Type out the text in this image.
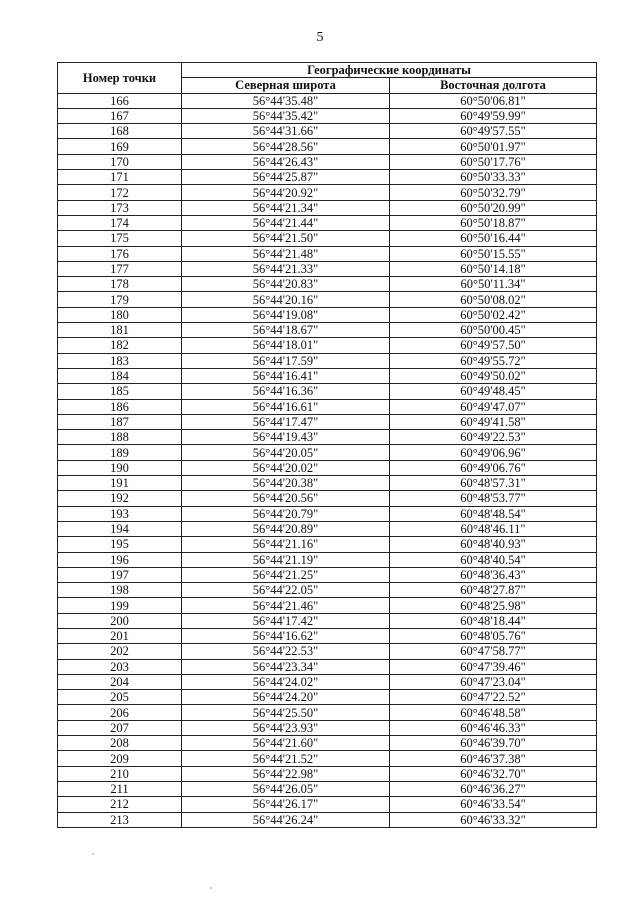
5
Номер точки	Географические координаты	
	Северная широта	Восточная долгота
166	56°44'35.48"	60°50'06.81"
167	56°44'35.42"	60°49'59.99"
168	56°44'31.66"	60°49'57.55"
169	56°44'28.56"	60°50'01.97"
170	56°44'26.43"	60°50'17.76"
171	56°44'25.87"	60°50'33.33"
172	56°44'20.92"	60°50'32.79"
173	56°44'21.34"	60°50'20.99"
174	56°44'21.44"	60°50'18.87"
175	56°44'21.50"	60°50'16.44"
176	56°44'21.48"	60°50'15.55"
177	56°44'21.33"	60°50'14.18"
178	56°44'20.83"	60°50'11.34"
179	56°44'20.16"	60°50'08.02"
180	56°44'19.08"	60°50'02.42"
181	56°44'18.67"	60°50'00.45"
182	56°44'18.01"	60°49'57.50"
183	56°44'17.59"	60°49'55.72"
184	56°44'16.41"	60°49'50.02"
185	56°44'16.36"	60°49'48.45"
186	56°44'16.61"	60°49'47.07"
187	56°44'17.47"	60°49'41.58"
188	56°44'19.43"	60°49'22.53"
189	56°44'20.05"	60°49'06.96"
190	56°44'20.02"	60°49'06.76"
191	56°44'20.38"	60°48'57.31"
192	56°44'20.56"	60°48'53.77"
193	56°44'20.79"	60°48'48.54"
194	56°44'20.89"	60°48'46.11"
195	56°44'21.16"	60°48'40.93"
196	56°44'21.19"	60°48'40.54"
197	56°44'21.25"	60°48'36.43"
198	56°44'22.05"	60°48'27.87"
199	56°44'21.46"	60°48'25.98"
200	56°44'17.42"	60°48'18.44"
201	56°44'16.62"	60°48'05.76"
202	56°44'22.53"	60°47'58.77"
203	56°44'23.34"	60°47'39.46"
204	56°44'24.02"	60°47'23.04"
205	56°44'24.20"	60°47'22.52"
206	56°44'25.50"	60°46'48.58"
207	56°44'23.93"	60°46'46.33"
208	56°44'21.60"	60°46'39.70"
209	56°44'21.52"	60°46'37.38"
210	56°44'22.98"	60°46'32.70"
211	56°44'26.05"	60°46'36.27"
212	56°44'26.17"	60°46'33.54"
213	56°44'26.24"	60°46'33.32"
